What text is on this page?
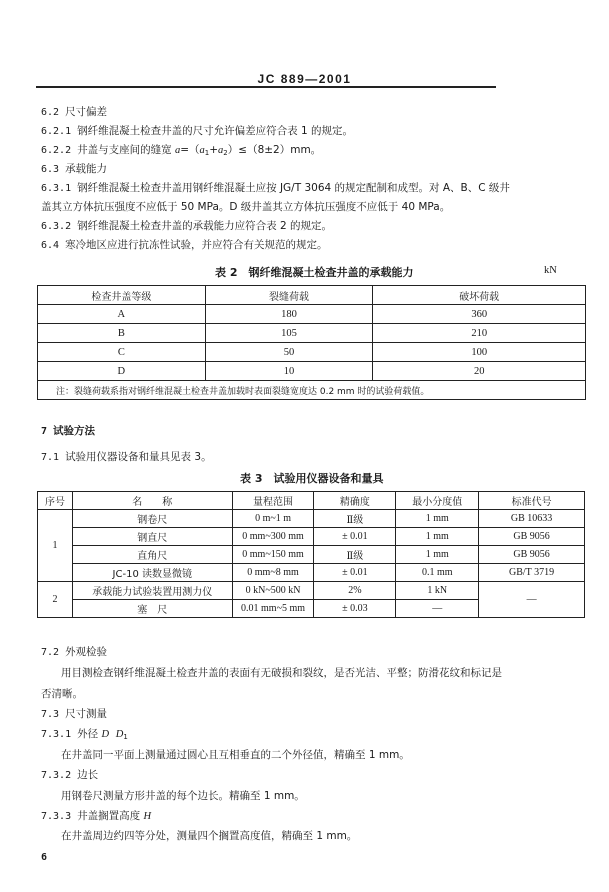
JC 889—2001
6.2 尺寸偏差
6.2.1 钢纤维混凝土检查井盖的尺寸允许偏差应符合表 1 的规定。
6.2.2 井盖与支座间的缝宽 $a=(a_1+a_2)\le(8\pm 2)mm$。
6.3 承载能力
6.3.1 钢纤维混凝土检查井盖用钢纤维混凝土应按 JG/T 3064 的规定配制和成型。对 A、B、C 级井
盖其立方体抗压强度不应低于 50 MPa。D 级井盖其立方体抗压强度不应低于 40 MPa。
6.3.2 钢纤维混凝土检查井盖的承载能力应符合表 2 的规定。
6.4 寒冷地区应进行抗冻性试验，并应符合有关规范的规定。
表 2　钢纤维混凝土检查井盖的承载能力	kN
检查井盖等级	裂缝荷载	破坏荷载
A	180	360
B	105	210
C	50	100
D	10	20
注：裂缝荷载系指对钢纤维混凝土检查井盖加载时表面裂缝宽度达 0.2 mm 时的试验荷载值。		
7 试验方法
7.1 试验用仪器设备和量具见表 3。
表 3　试验用仪器设备和量具
序号	名　　称	量程范围	精确度	最小分度值	标准代号
1	钢卷尺	0 m~1 m	Ⅱ级	1 mm	GB 10633
	钢直尺	0 mm~300 mm	± 0.01	1 mm	GB 9056
	直角尺	0 mm~150 mm	Ⅱ级	1 mm	GB 9056
	JC-10 读数显微镜	0 mm~8 mm	± 0.01	0.1 mm	GB/T 3719
2	承载能力试验装置用测力仪	0 kN~500 kN	2%	1 kN	—
	塞　尺	0.01 mm~5 mm	± 0.03	—	
7.2 外观检验
用目测检查钢纤维混凝土检查井盖的表面有无破损和裂纹，是否光洁、平整；防滑花纹和标记是
否清晰。
7.3 尺寸测量
7.3.1 外径 D $D_1$
在井盖同一平面上测量通过圆心且互相垂直的二个外径值，精确至 1 mm。
7.3.2 边长
用钢卷尺测量方形井盖的每个边长。精确至 1 mm。
7.3.3 井盖搁置高度 H
在井盖周边约四等分处，测量四个搁置高度值，精确至 1 mm。
6
